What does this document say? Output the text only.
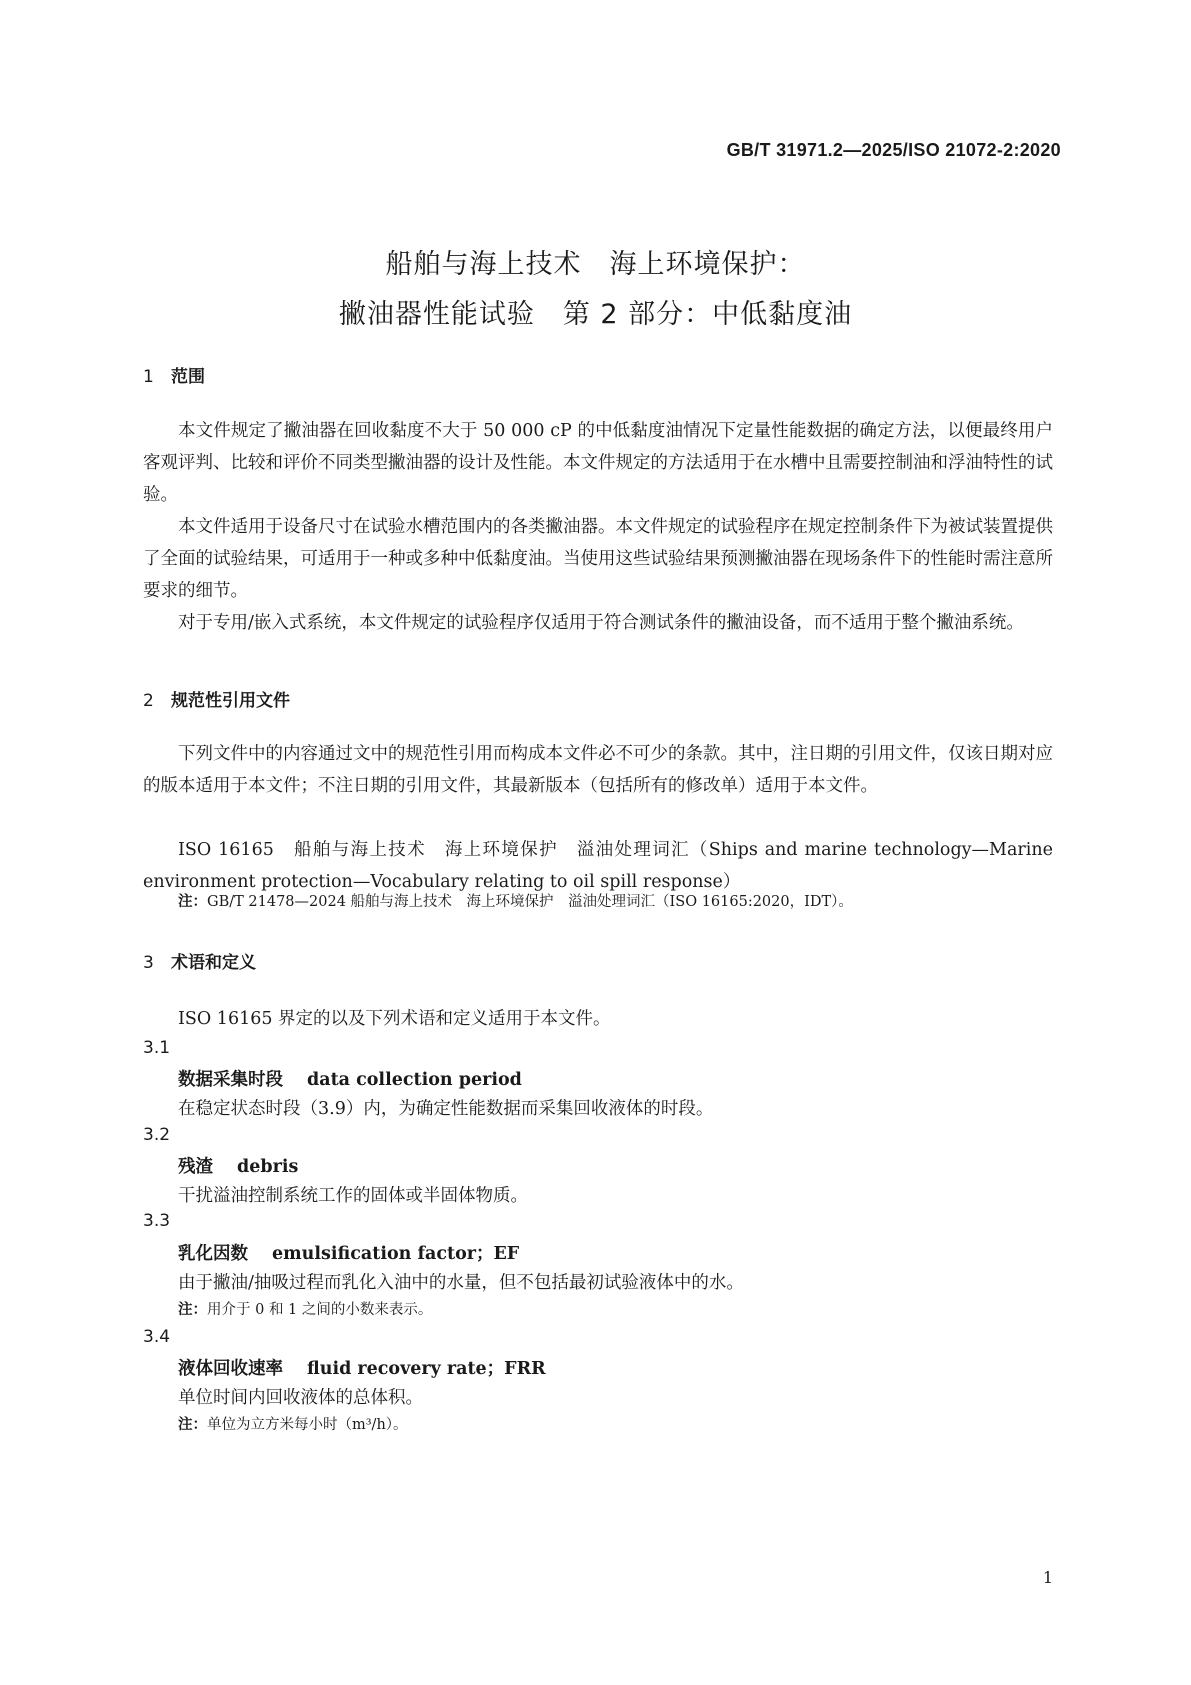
GB/T 31971.2—2025/ISO 21072-2:2020
船舶与海上技术　海上环境保护：
撇油器性能试验　第 2 部分：中低黏度油
1 范围
本文件规定了撇油器在回收黏度不大于 50 000 cP 的中低黏度油情况下定量性能数据的确定方法，以便最终用户客观评判、比较和评价不同类型撇油器的设计及性能。本文件规定的方法适用于在水槽中且需要控制油和浮油特性的试验。
本文件适用于设备尺寸在试验水槽范围内的各类撇油器。本文件规定的试验程序在规定控制条件下为被试装置提供了全面的试验结果，可适用于一种或多种中低黏度油。当使用这些试验结果预测撇油器在现场条件下的性能时需注意所要求的细节。
对于专用/嵌入式系统，本文件规定的试验程序仅适用于符合测试条件的撇油设备，而不适用于整个撇油系统。
2 规范性引用文件
下列文件中的内容通过文中的规范性引用而构成本文件必不可少的条款。其中，注日期的引用文件，仅该日期对应的版本适用于本文件；不注日期的引用文件，其最新版本（包括所有的修改单）适用于本文件。
ISO 16165　船舶与海上技术　海上环境保护　溢油处理词汇（Ships and marine technology—Marine environment protection—Vocabulary relating to oil spill response）
注：GB/T 21478—2024 船舶与海上技术　海上环境保护　溢油处理词汇（ISO 16165:2020，IDT）。
3 术语和定义
ISO 16165 界定的以及下列术语和定义适用于本文件。
3.1
数据采集时段 data collection period
在稳定状态时段（3.9）内，为确定性能数据而采集回收液体的时段。
3.2
残渣 debris
干扰溢油控制系统工作的固体或半固体物质。
3.3
乳化因数 emulsification factor；EF
由于撇油/抽吸过程而乳化入油中的水量，但不包括最初试验液体中的水。
注：用介于 0 和 1 之间的小数来表示。
3.4
液体回收速率 fluid recovery rate；FRR
单位时间内回收液体的总体积。
注：单位为立方米每小时（m³/h）。
1
